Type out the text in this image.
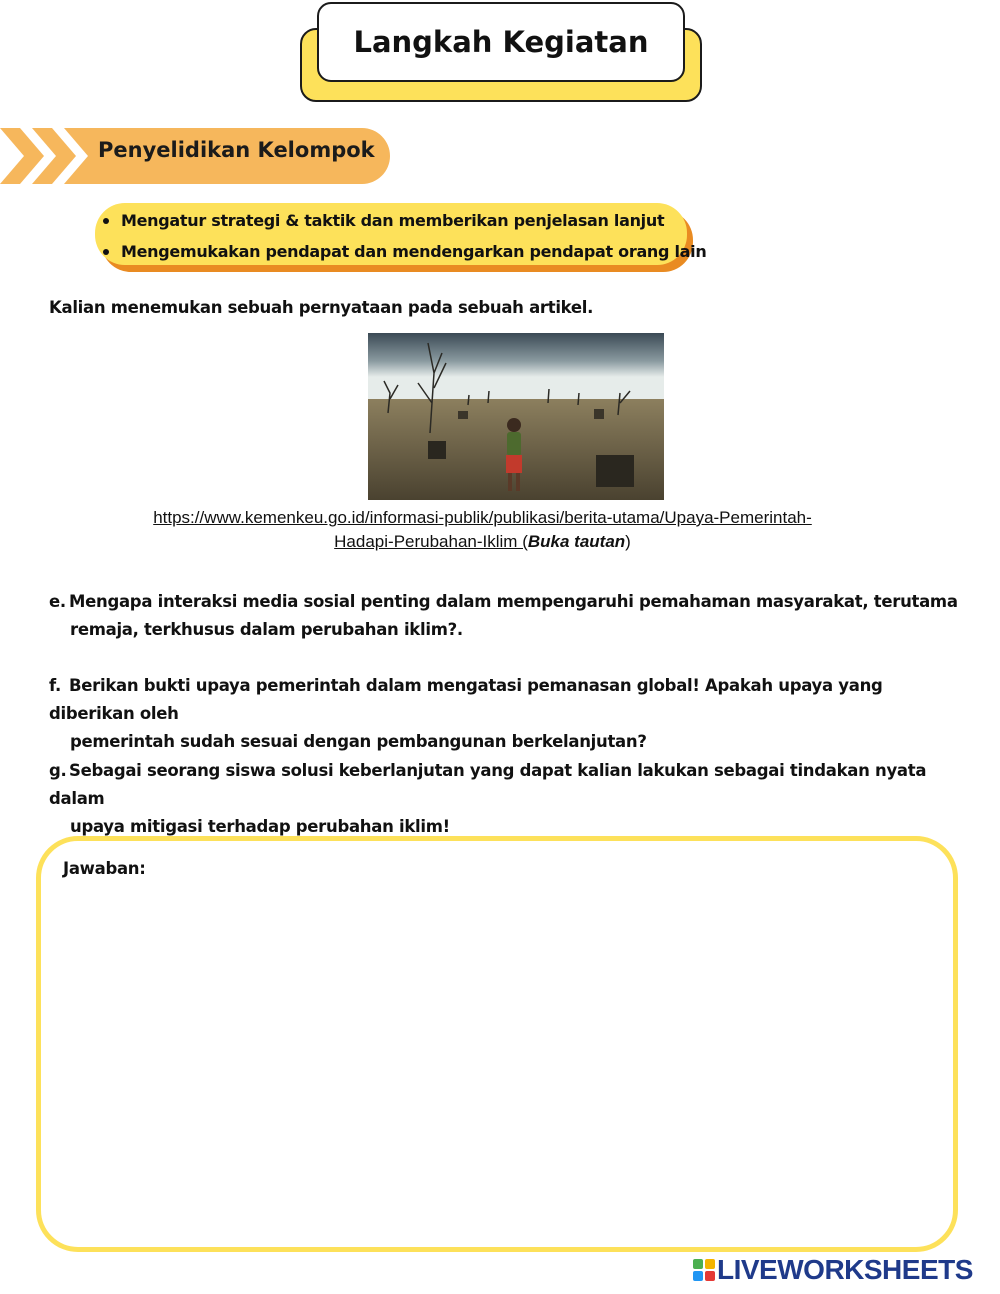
Langkah Kegiatan
Penyelidikan Kelompok
Mengatur strategi & taktik dan memberikan penjelasan lanjut
Mengemukakan pendapat dan mendengarkan pendapat orang lain
Kalian menemukan sebuah pernyataan pada sebuah artikel.
https://www.kemenkeu.go.id/informasi-publik/publikasi/berita-utama/Upaya-Pemerintah-
Hadapi-Perubahan-Iklim (Buka tautan)
e. Mengapa interaksi media sosial penting dalam mempengaruhi pemahaman masyarakat, terutama
remaja, terkhusus dalam perubahan iklim?.
f. Berikan bukti upaya pemerintah dalam mengatasi pemanasan global! Apakah upaya yang diberikan oleh
pemerintah sudah sesuai dengan pembangunan berkelanjutan?
g. Sebagai seorang siswa solusi keberlanjutan yang dapat kalian lakukan sebagai tindakan nyata dalam
upaya mitigasi terhadap perubahan iklim!
Jawaban:
LIVEWORKSHEETS
